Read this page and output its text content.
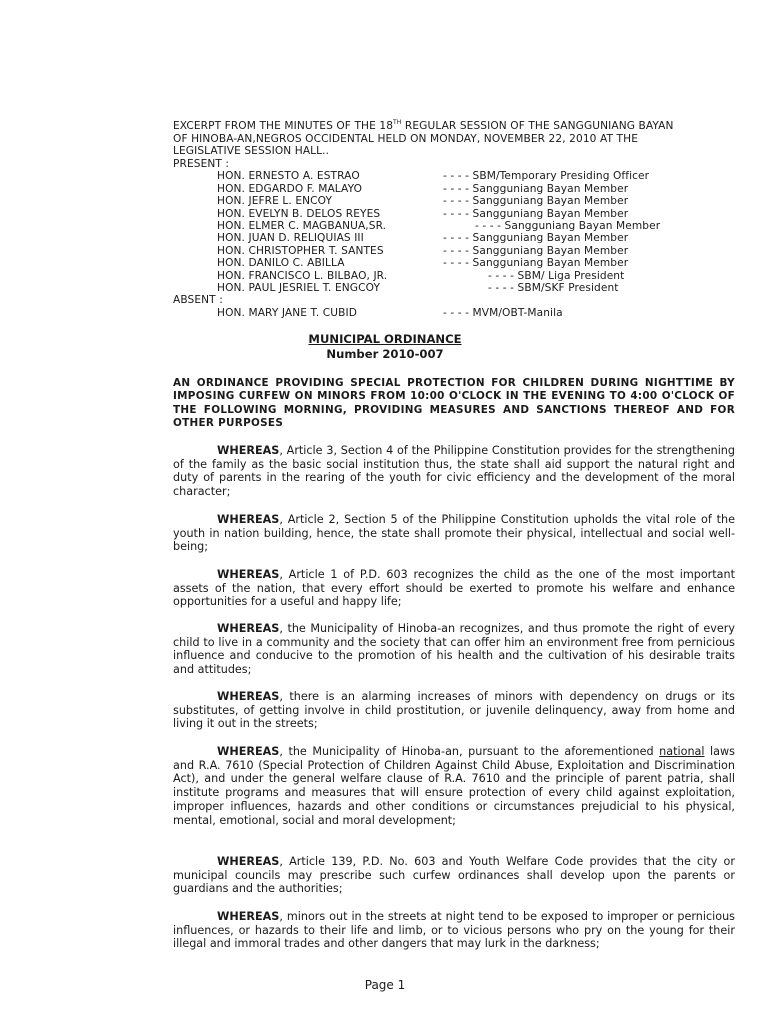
EXCERPT FROM THE MINUTES OF THE 18TH REGULAR SESSION OF THE SANGGUNIANG BAYAN

OF HINOBA-AN,NEGROS OCCIDENTAL HELD ON MONDAY, NOVEMBER 22, 2010 AT THE

LEGISLATIVE SESSION HALL..

PRESENT :

HON. ERNESTO A. ESTRAO	- - - - SBM/Temporary Presiding Officer
HON. EDGARDO F. MALAYO	- - - - Sangguniang Bayan Member
HON. JEFRE L. ENCOY	- - - - Sangguniang Bayan Member
HON. EVELYN B. DELOS REYES	- - - - Sangguniang Bayan Member
HON. ELMER C. MAGBANUA,SR.	- - - - Sangguniang Bayan Member
HON. JUAN D. RELIQUIAS III	- - - - Sangguniang Bayan Member
HON. CHRISTOPHER T. SANTES	- - - - Sangguniang Bayan Member
HON. DANILO C. ABILLA	- - - - Sangguniang Bayan Member
HON. FRANCISCO L. BILBAO, JR.	- - - - SBM/ Liga President
HON. PAUL JESRIEL T. ENGCOY	- - - - SBM/SKF President

ABSENT :

HON. MARY JANE T. CUBID	- - - - MVM/OBT-Manila
MUNICIPAL ORDINANCE
Number 2010-007
AN ORDINANCE PROVIDING SPECIAL PROTECTION FOR CHILDREN DURING NIGHTTIME BY IMPOSING CURFEW ON MINORS FROM 10:00 O'CLOCK IN THE EVENING TO 4:00 O'CLOCK OF THE FOLLOWING MORNING, PROVIDING MEASURES AND SANCTIONS THEREOF AND FOR OTHER PURPOSES

WHEREAS, Article 3, Section 4 of the Philippine Constitution provides for the strengthening of the family as the basic social institution thus, the state shall aid support the natural right and duty of parents in the rearing of the youth for civic efficiency and the development of the moral character;

WHEREAS, Article 2, Section 5 of the Philippine Constitution upholds the vital role of the youth in nation building, hence, the state shall promote their physical, intellectual and social well-being;

WHEREAS, Article 1 of P.D. 603 recognizes the child as the one of the most important assets of the nation, that every effort should be exerted to promote his welfare and enhance opportunities for a useful and happy life;

WHEREAS, the Municipality of Hinoba-an recognizes, and thus promote the right of every child to live in a community and the society that can offer him an environment free from pernicious influence and conducive to the promotion of his health and the cultivation of his desirable traits and attitudes;

WHEREAS, there is an alarming increases of minors with dependency on drugs or its substitutes, of getting involve in child prostitution, or juvenile delinquency, away from home and living it out in the streets;

WHEREAS, the Municipality of Hinoba-an, pursuant to the aforementioned national laws and R.A. 7610 (Special Protection of Children Against Child Abuse, Exploitation and Discrimination Act), and under the general welfare clause of R.A. 7610 and the principle of parent patria, shall institute programs and measures that will ensure protection of every child against exploitation, improper influences, hazards and other conditions or circumstances prejudicial to his physical, mental, emotional, social and moral development;

WHEREAS, Article 139, P.D. No. 603 and Youth Welfare Code provides that the city or municipal councils may prescribe such curfew ordinances shall develop upon the parents or guardians and the authorities;

WHEREAS, minors out in the streets at night tend to be exposed to improper or pernicious influences, or hazards to their life and limb, or to vicious persons who pry on the young for their illegal and immoral trades and other dangers that may lurk in the darkness;

Page 1
